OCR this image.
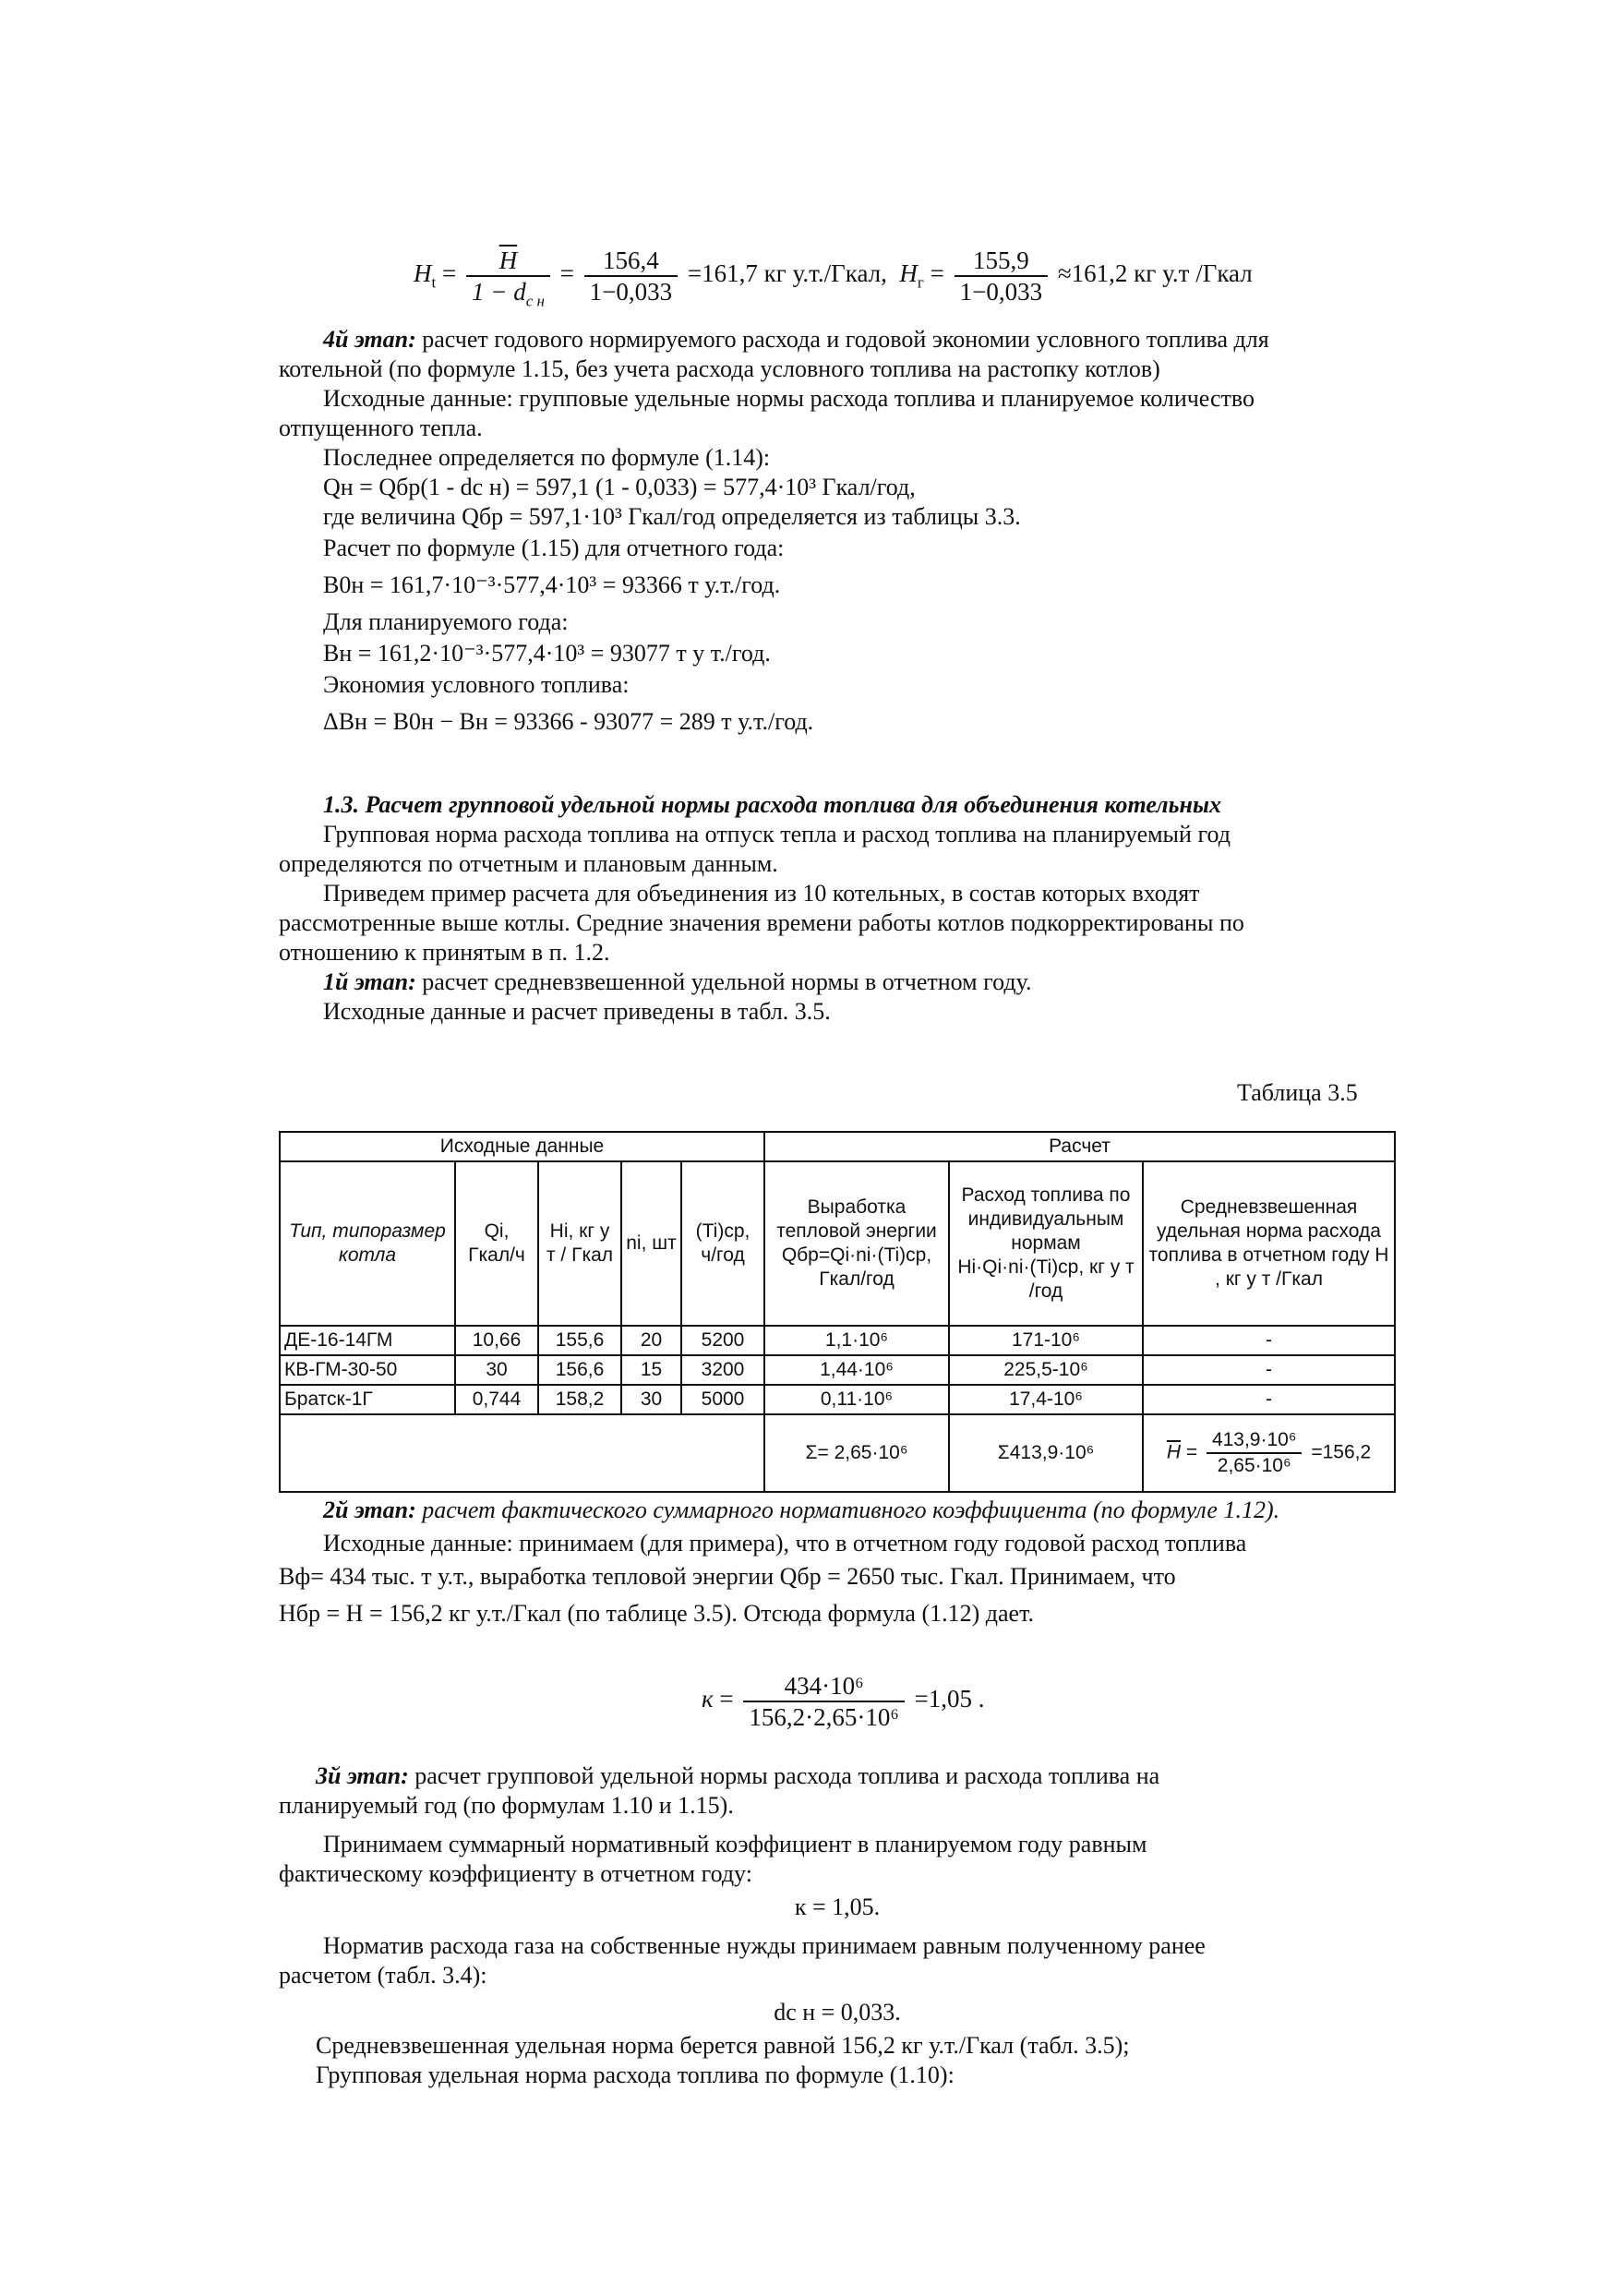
$H_t = \frac{\overline{H}}{1 - d_{с н}} = \frac{156,4}{1-0,033} =161,7$ кг у.т./Гкал, $H_г = \frac{155,9}{1-0,033} \approx 161,2$ кг у.т /Гкал
4й этап: расчет годового нормируемого расхода и годовой экономии условного топлива для
котельной (по формуле 1.15, без учета расхода условного топлива на растопку котлов)
Исходные данные: групповые удельные нормы расхода топлива и планируемое количество
отпущенного тепла.
Последнее определяется по формуле (1.14):
Qн = Qбр(1 - dс н) = 597,1 (1 - 0,033) = 577,4·10³ Гкал/год,
где величина Qбр = 597,1·10³ Гкал/год определяется из таблицы 3.3.
Расчет по формуле (1.15) для отчетного года:
B0н = 161,7·10⁻³·577,4·10³ = 93366 т у.т./год.
Для планируемого года:
Bн = 161,2·10⁻³·577,4·10³ = 93077 т у т./год.
Экономия условного топлива:
ΔBн = B0н − Bн = 93366 - 93077 = 289 т у.т./год.
1.3. Расчет групповой удельной нормы расхода топлива для объединения котельных
Групповая норма расхода топлива на отпуск тепла и расход топлива на планируемый год
определяются по отчетным и плановым данным.
Приведем пример расчета для объединения из 10 котельных, в состав которых входят
рассмотренные выше котлы. Средние значения времени работы котлов подкорректированы по
отношению к принятым в п. 1.2.
1й этап: расчет средневзвешенной удельной нормы в отчетном году.
Исходные данные и расчет приведены в табл. 3.5.
Таблица 3.5
Исходные данные					Расчет		
Тип, типоразмер котла	Qi, Гкал/ч	Hi, кг у т / Гкал	ni, шт	(Ti)ср, ч/год	Выработка тепловой энергии Qбр=Qi·ni·(Ti)ср, Гкал/год	Расход топлива по индивидуальным нормам Hi·Qi·ni·(Ti)ср, кг у т /год	Средневзвешенная удельная норма расхода топлива в отчетном году H , кг у т /Гкал
ДЕ-16-14ГМ	10,66	155,6	20	5200	1,1·10⁶	171-10⁶	-
КВ-ГМ-30-50	30	156,6	15	3200	1,44·10⁶	225,5-10⁶	-
Братск-1Г	0,744	158,2	30	5000	0,11·10⁶	17,4-10⁶	-
					Σ= 2,65·10⁶	Σ413,9·10⁶	$\overline{H} = \frac{\text{413,9·10⁶}}{\text{2,65·10⁶}} =156,2$
2й этап: расчет фактического суммарного нормативного коэффициента (по формуле 1.12).
Исходные данные: принимаем (для примера), что в отчетном году годовой расход топлива
Bф= 434 тыс. т у.т., выработка тепловой энергии Qбр = 2650 тыс. Гкал. Принимаем, что
Hбр = H = 156,2 кг у.т./Гкал (по таблице 3.5). Отсюда формула (1.12) дает.
$к = \frac{\text{434·10⁶}}{\text{156,2·2,65·10⁶}} =1,05$ .
3й этап: расчет групповой удельной нормы расхода топлива и расхода топлива на
планируемый год (по формулам 1.10 и 1.15).
Принимаем суммарный нормативный коэффициент в планируемом году равным
фактическому коэффициенту в отчетном году:
к = 1,05.
Норматив расхода газа на собственные нужды принимаем равным полученному ранее
расчетом (табл. 3.4):
dс н = 0,033.
Средневзвешенная удельная норма берется равной 156,2 кг у.т./Гкал (табл. 3.5);
Групповая удельная норма расхода топлива по формуле (1.10):
